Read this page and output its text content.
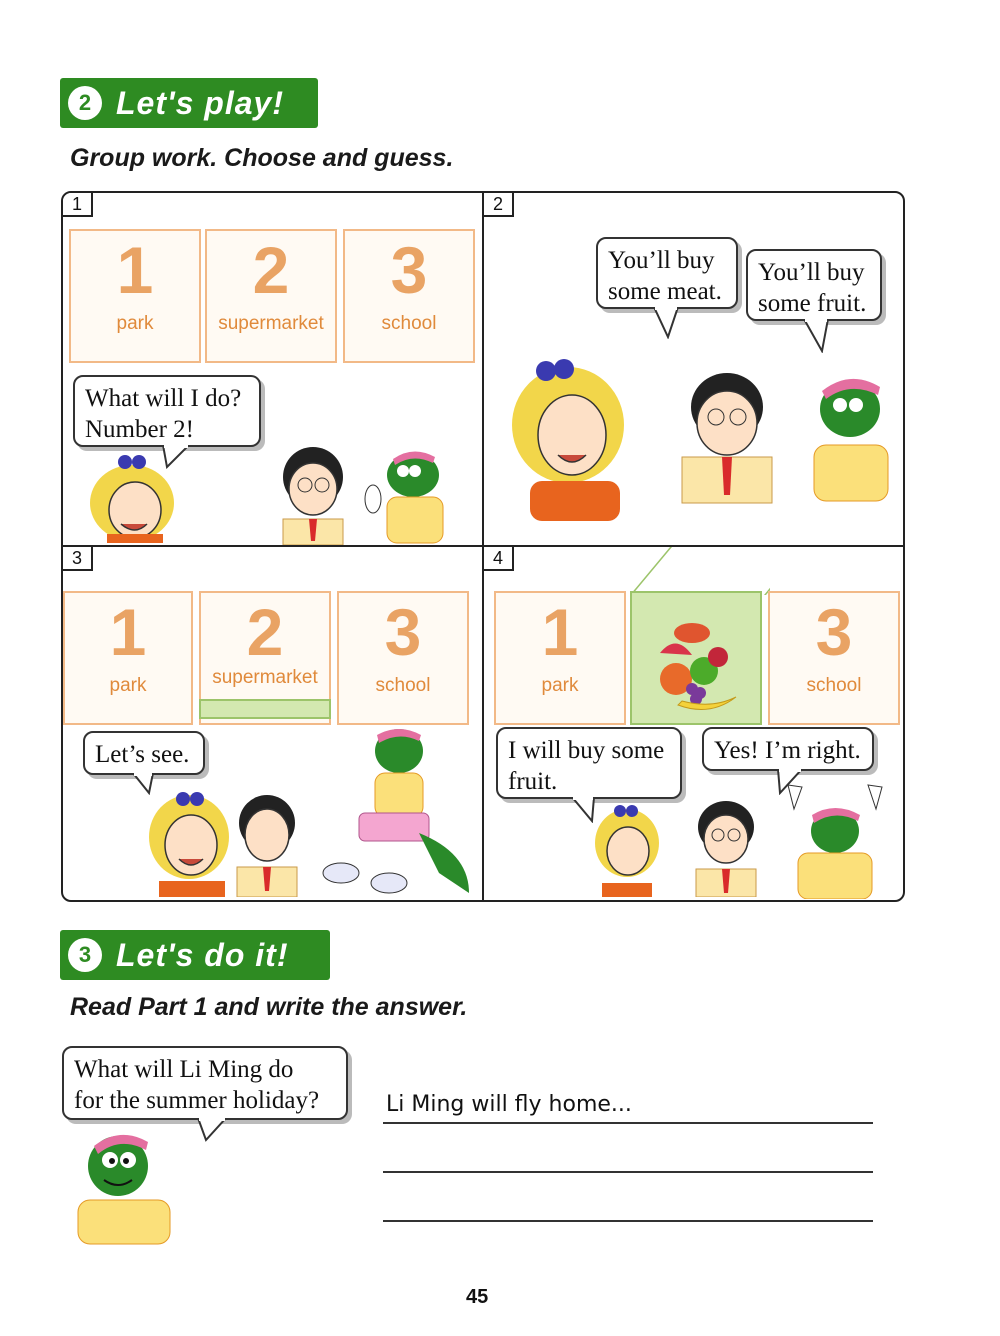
2 Let's play!
Group work. Choose and guess.
1
1
park
2
supermarket
3
school
What will I do?
Number 2!
2
You’ll buy
some meat.
You’ll buy
some fruit.
3
1
park
2
supermarket
3
school
Let’s see.
4
1
park
3
school
I will buy some
fruit.
Yes! I’m right.
3 Let's do it!
Read Part 1 and write the answer.
What will Li Ming do
for the summer holiday?	Li Ming will fly home...
45
